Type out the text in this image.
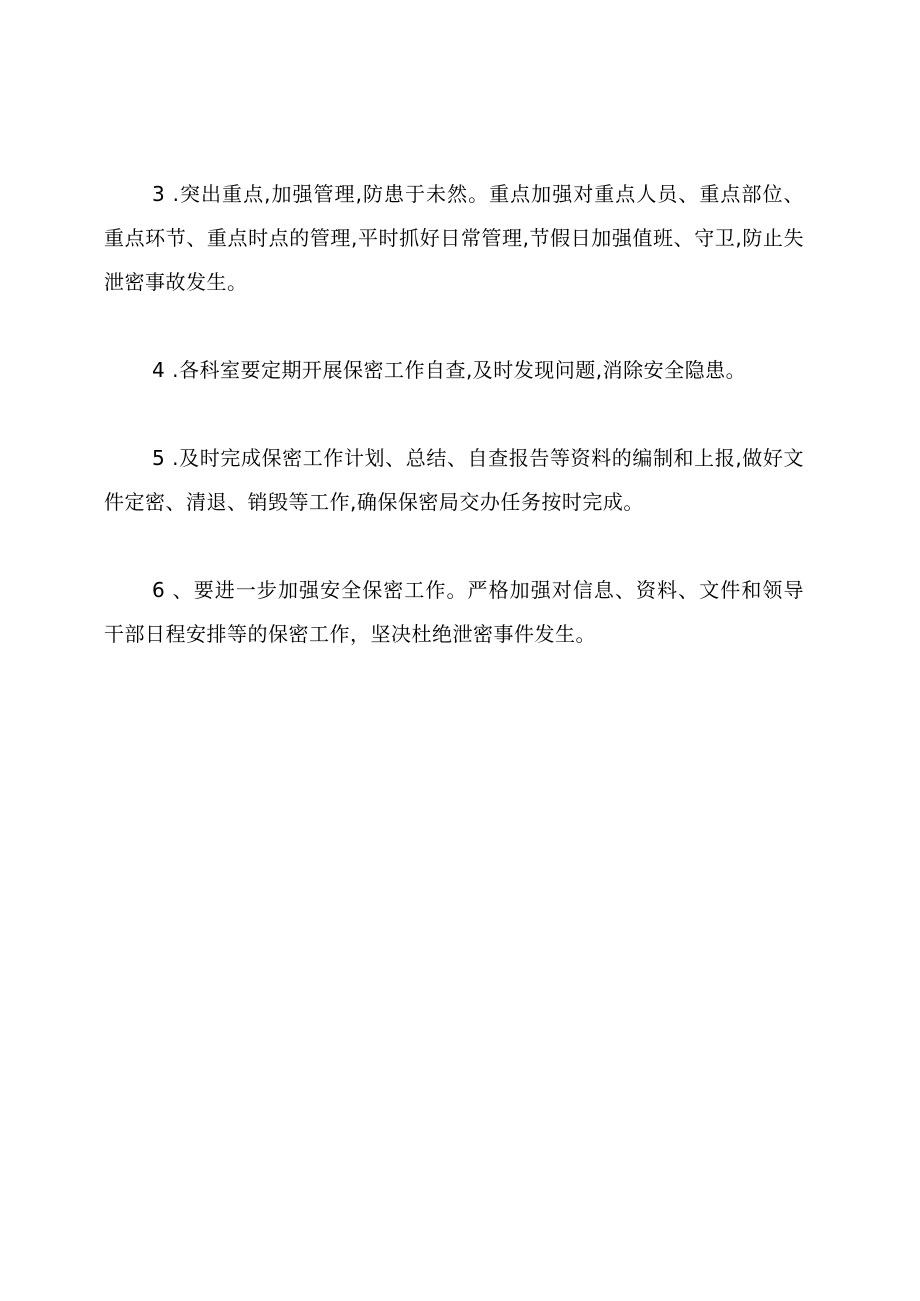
3 .突出重点,加强管理,防患于未然。重点加强对重点人员、重点部位、重点环节、重点时点的管理,平时抓好日常管理,节假日加强值班、守卫,防止失泄密事故发生。

4 .各科室要定期开展保密工作自查,及时发现问题,消除安全隐患。

5 .及时完成保密工作计划、总结、自查报告等资料的编制和上报,做好文件定密、清退、销毁等工作,确保保密局交办任务按时完成。

6 、要进一步加强安全保密工作。严格加强对信息、资料、文件和领导干部日程安排等的保密工作，坚决杜绝泄密事件发生。
